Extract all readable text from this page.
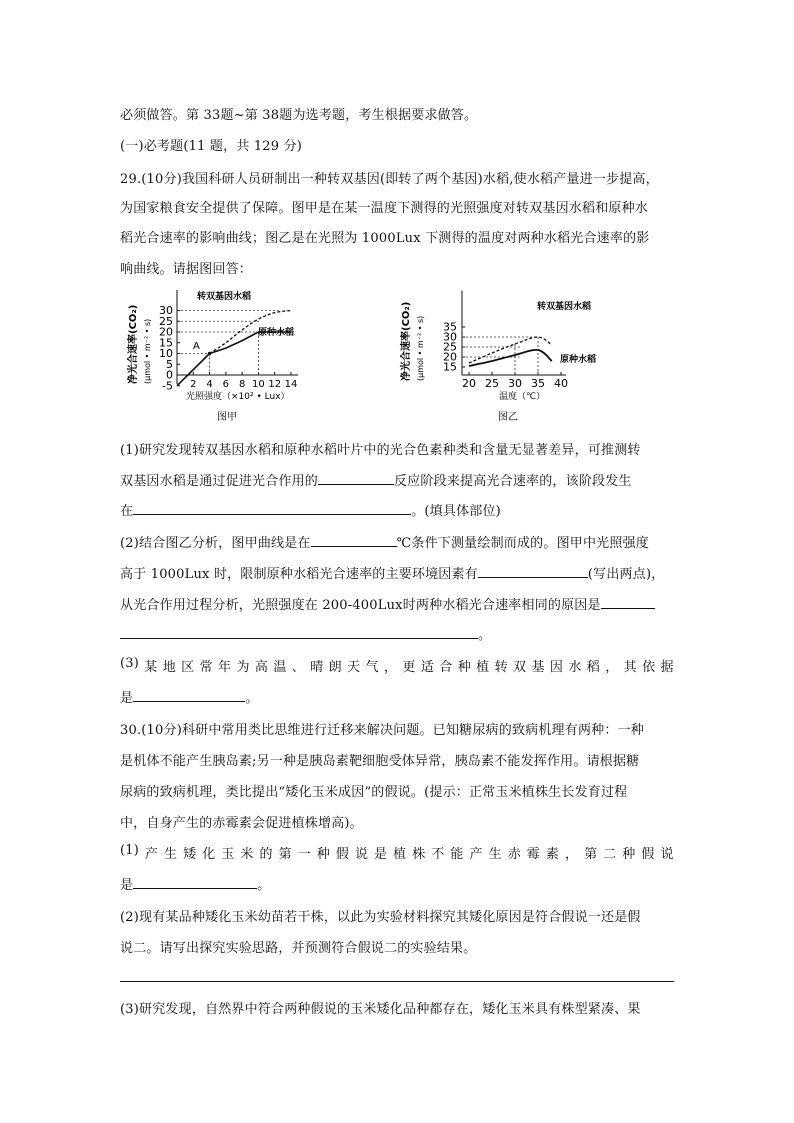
必须做答。第 33题~第 38题为选考题，考生根据要求做答。
(一)必考题(11 题，共 129 分)
29.(10分)我国科研人员研制出一种转双基因(即转了两个基因)水稻,使水稻产量进一步提高，
为国家粮食安全提供了保障。图甲是在某一温度下测得的光照强度对转双基因水稻和原种水
稻光合速率的影响曲线；图乙是在光照为 1000Lux 下测得的温度对两种水稻光合速率的影
响曲线。请据图回答：
-5
0
5
10
15
20
25
30
2 4 6 8 10 12 14
净光合速率(CO₂) (μmol • m⁻² • s)
光照强度（×10² • Lux）
转双基因水稻
原种水稻
A
图甲
15
20
25
30
35
20 25 30 35 40
净光合速率(CO₂) (μmol • m⁻² • s)
温度（℃）
转双基因水稻
原种水稻
图乙
(1)研究发现转双基因水稻和原种水稻叶片中的光合色素种类和含量无显著差异，可推测转
双基因水稻是通过促进光合作用的	反应阶段来提高光合速率的，该阶段发生
在	。(填具体部位)
(2)结合图乙分析，图甲曲线是在	℃条件下测量绘制而成的。图甲中光照强度
高于 1000Lux 时，限制原种水稻光合速率的主要环境因素有	(写出两点)，
从光合作用过程分析，光照强度在 200-400Lux时两种水稻光合速率相同的原因是
。
(3) 某 地 区 常 年 为 高 温 、 晴 朗 天 气 ， 更 适 合 种 植 转 双 基 因 水 稻 ， 其 依 据
是	。
30.(10分)科研中常用类比思维进行迁移来解决问题。已知糖尿病的致病机理有两种：一种
是机体不能产生胰岛素;另一种是胰岛素靶细胞受体异常，胰岛素不能发挥作用。请根据糖
尿病的致病机理，类比提出“矮化玉米成因”的假说。(提示：正常玉米植株生长发育过程
中，自身产生的赤霉素会促进植株增高)。
(1) 产 生 矮 化 玉 米 的 第 一 种 假 说 是 植 株 不 能 产 生 赤 霉 素 ， 第 二 种 假 说
是	。
(2)现有某品种矮化玉米幼苗若干株，以此为实验材料探究其矮化原因是符合假说一还是假
说二。请写出探究实验思路，并预测符合假说二的实验结果。
(3)研究发现，自然界中符合两种假说的玉米矮化品种都存在，矮化玉米具有株型紧凑、果
